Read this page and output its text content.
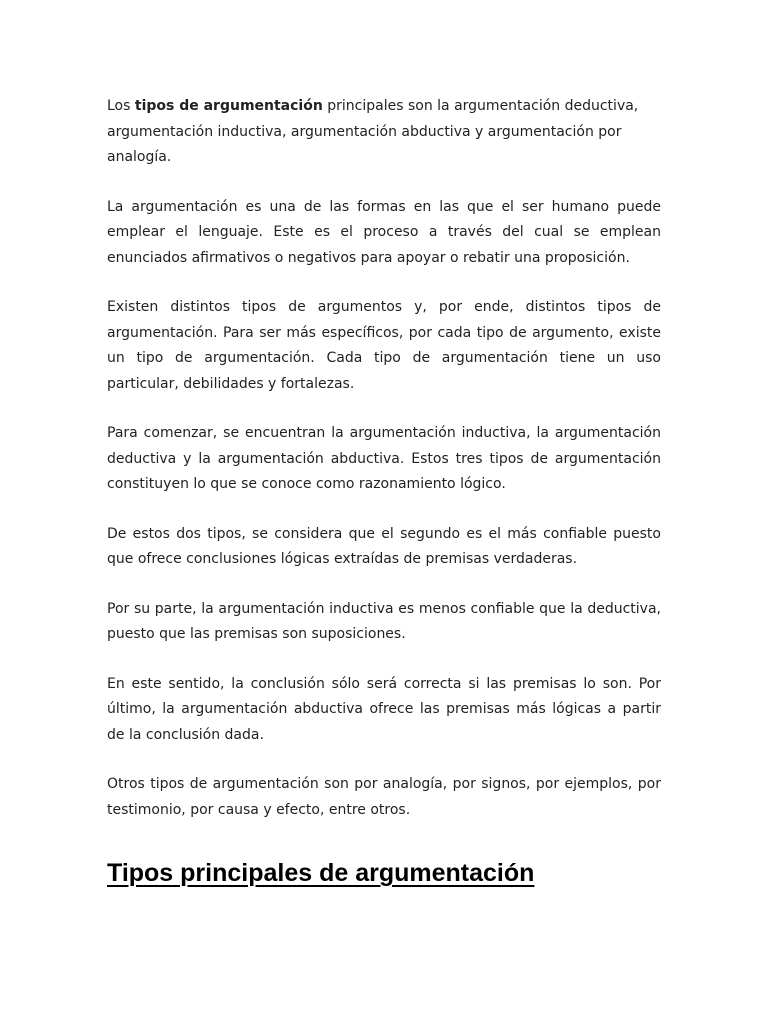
Los tipos de argumentación principales son la argumentación deductiva, argumentación inductiva, argumentación abductiva y argumentación por analogía.

La argumentación es una de las formas en las que el ser humano puede emplear el lenguaje. Este es el proceso a través del cual se emplean enunciados afirmativos o negativos para apoyar o rebatir una proposición.

Existen distintos tipos de argumentos y, por ende, distintos tipos de argumentación. Para ser más específicos, por cada tipo de argumento, existe un tipo de argumentación. Cada tipo de argumentación tiene un uso particular, debilidades y fortalezas.

Para comenzar, se encuentran la argumentación inductiva, la argumentación deductiva y la argumentación abductiva. Estos tres tipos de argumentación constituyen lo que se conoce como razonamiento lógico.

De estos dos tipos, se considera que el segundo es el más confiable puesto que ofrece conclusiones lógicas extraídas de premisas verdaderas.

Por su parte, la argumentación inductiva es menos confiable que la deductiva, puesto que las premisas son suposiciones.

En este sentido, la conclusión sólo será correcta si las premisas lo son. Por último, la argumentación abductiva ofrece las premisas más lógicas a partir de la conclusión dada.

Otros tipos de argumentación son por analogía, por signos, por ejemplos, por testimonio, por causa y efecto, entre otros.

Tipos principales de argumentación
